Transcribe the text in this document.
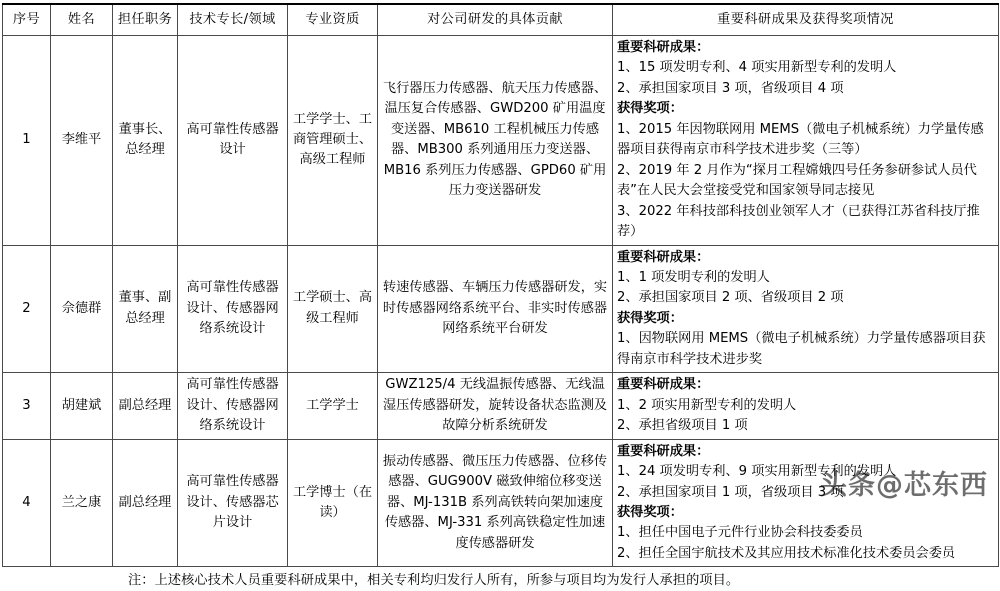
序号	姓名	担任职务	技术专长/领域	专业资质	对公司研发的具体贡献	重要科研成果及获得奖项情况
1	李维平	董事长、总经理	高可靠性传感器设计	工学学士、工商管理硕士、高级工程师	飞行器压力传感器、航天压力传感器、温压复合传感器、GWD200 矿用温度变送器、MB610 工程机械压力传感器、MB300 系列通用压力变送器、MB16 系列压力传感器、GPD60 矿用压力变送器研发	
重要科研成果：
1、15 项发明专利、4 项实用新型专利的发明人
2、承担国家项目 3 项，省级项目 4 项
获得奖项：
1、2015 年因物联网用 MEMS（微电子机械系统）力学量传感器项目获得南京市科学技术进步奖（三等）
2、2019 年 2 月作为“探月工程嫦娥四号任务参研参试人员代表”在人民大会堂接受党和国家领导同志接见
3、2022 年科技部科技创业领军人才（已获得江苏省科技厅推荐）

2	佘德群	董事、副总经理	高可靠性传感器设计、传感器网络系统设计	工学硕士、高级工程师	转速传感器、车辆压力传感器研发，实时传感器网络系统平台、非实时传感器网络系统平台研发	重要科研成果：
1、1 项发明专利的发明人
2、承担国家项目 2 项、省级项目 2 项
获得奖项：
1、因物联网用 MEMS（微电子机械系统）力学量传感器项目获得南京市科学技术进步奖

3	胡建斌	副总经理	高可靠性传感器设计、传感器网络系统设计	工学学士	GWZ125/4 无线温振传感器、无线温湿压传感器研发，旋转设备状态监测及故障分析系统研发	重要科研成果：
1、2 项实用新型专利的发明人
2、承担省级项目 1 项

4	兰之康	副总经理	高可靠性传感器设计、传感器芯片设计	工学博士（在读）	振动传感器、微压压力传感器、位移传感器、GUG900V 磁致伸缩位移变送器、MJ-131B 系列高铁转向架加速度传感器、MJ-331 系列高铁稳定性加速度传感器研发	
重要科研成果：
1、24 项发明专利、9 项实用新型专利的发明人
2、承担国家项目 1 项，省级项目 3 项
获得奖项：
1、担任中国电子元件行业协会科技委委员
2、担任全国宇航技术及其应用技术标准化技术委员会委员
注：上述核心技术人员重要科研成果中，相关专利均归发行人所有，所参与项目均为发行人承担的项目。
头条@芯东西
